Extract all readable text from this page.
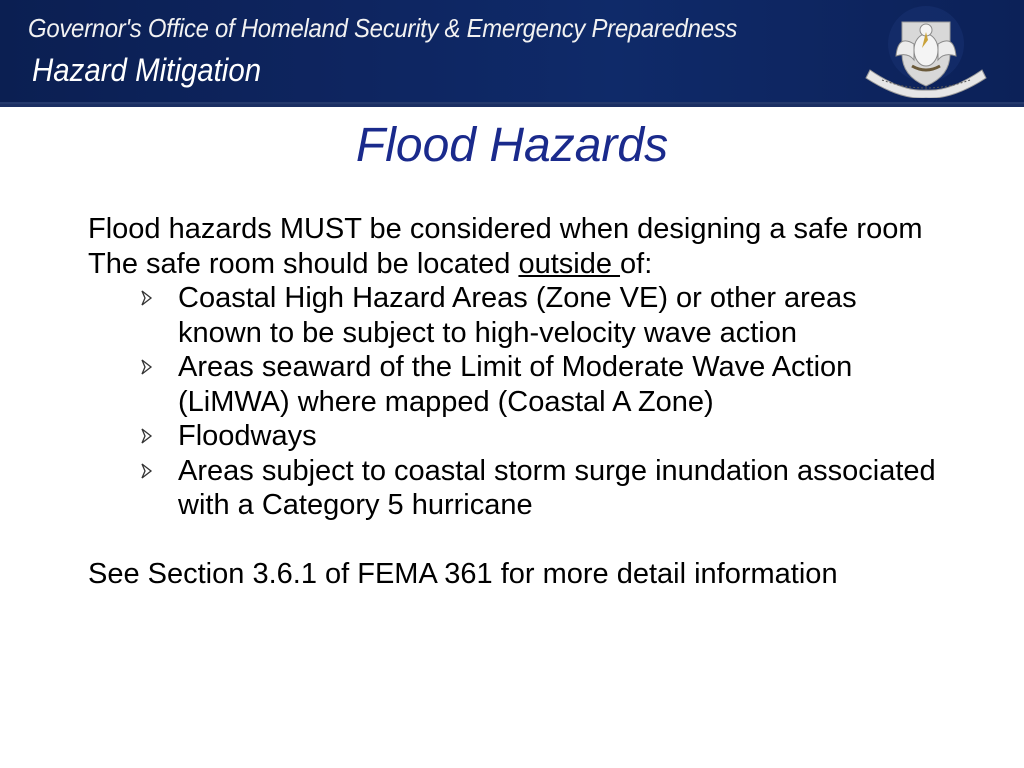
Governor's Office of Homeland Security & Emergency Preparedness
Hazard Mitigation
Flood Hazards

Flood hazards MUST be considered when designing a safe room

The safe room should be located outside of:

Coastal High Hazard Areas (Zone VE) or other areas known to be subject to high-velocity wave action
Areas seaward of the Limit of Moderate Wave Action (LiMWA) where mapped (Coastal A Zone)
Floodways
Areas subject to coastal storm surge inundation associated with a Category 5 hurricane

See Section 3.6.1 of FEMA 361 for more detail information
